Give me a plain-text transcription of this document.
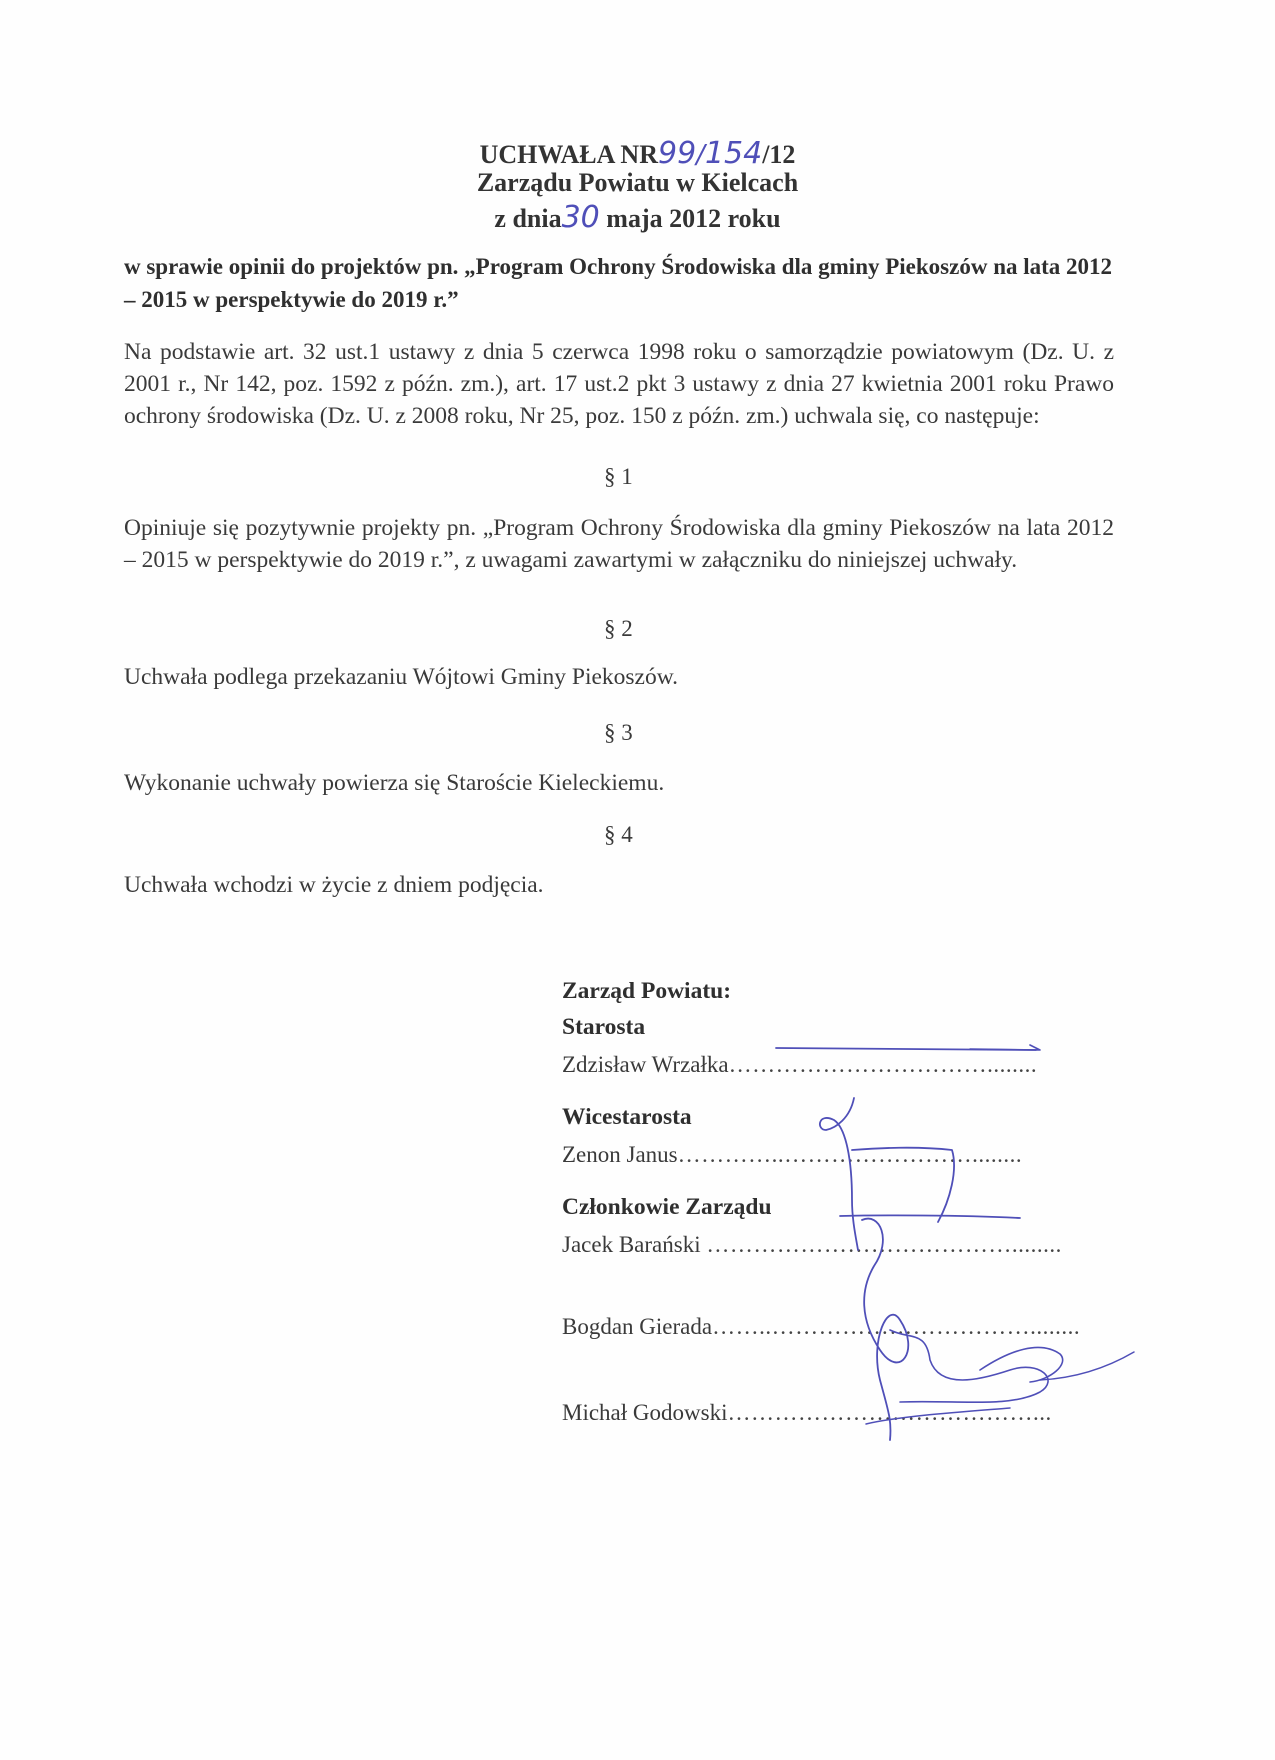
UCHWAŁA NR99/154/12
Zarządu Powiatu w Kielcach
z dnia30 maja 2012 roku
w sprawie opinii do projektów pn. „Program Ochrony Środowiska dla gminy Piekoszów na lata 2012 – 2015 w perspektywie do 2019 r.”
Na podstawie art. 32 ust.1 ustawy z dnia 5 czerwca 1998 roku o samorządzie powiatowym (Dz. U. z 2001 r., Nr 142, poz. 1592 z późn. zm.), art. 17 ust.2 pkt 3 ustawy z dnia 27 kwietnia 2001 roku Prawo ochrony środowiska (Dz. U. z 2008 roku, Nr 25, poz. 150 z późn. zm.) uchwala się, co następuje:
§ 1
Opiniuje się pozytywnie projekty pn. „Program Ochrony Środowiska dla gminy Piekoszów na lata 2012 – 2015 w perspektywie do 2019 r.”, z uwagami zawartymi w załączniku do niniejszej uchwały.
§ 2
Uchwała podlega przekazaniu Wójtowi Gminy Piekoszów.
§ 3
Wykonanie uchwały powierza się Staroście Kieleckiemu.
§ 4
Uchwała wchodzi w życie z dniem podjęcia.
Zarząd Powiatu:
Starosta
Zdzisław Wrzałka……………………………........
Wicestarosta
Zenon Janus…………..……………………........
Członkowie Zarządu
Jacek Barański …………………………………........
Bogdan Gierada……..……………………………........
Michał Godowski…………………………………...
